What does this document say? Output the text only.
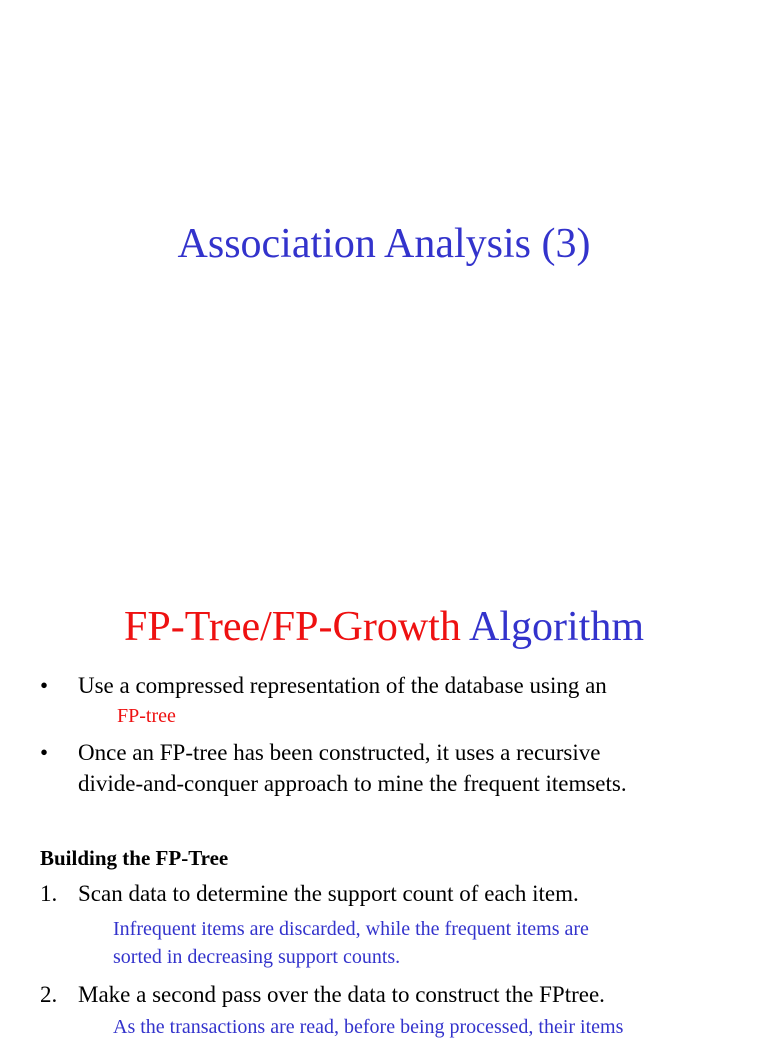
Association Analysis (3)
FP-Tree/FP-Growth Algorithm
•	Use a compressed representation of the database using an
FP-tree
•	Once an FP-tree has been constructed, it uses a recursive
divide-and-conquer approach to mine the frequent itemsets.
Building the FP-Tree
1. Scan data to determine the support count of each item.
Infrequent items are discarded, while the frequent items are
sorted in decreasing support counts.
2. Make a second pass over the data to construct the FPtree.
As the transactions are read, before being processed, their items
